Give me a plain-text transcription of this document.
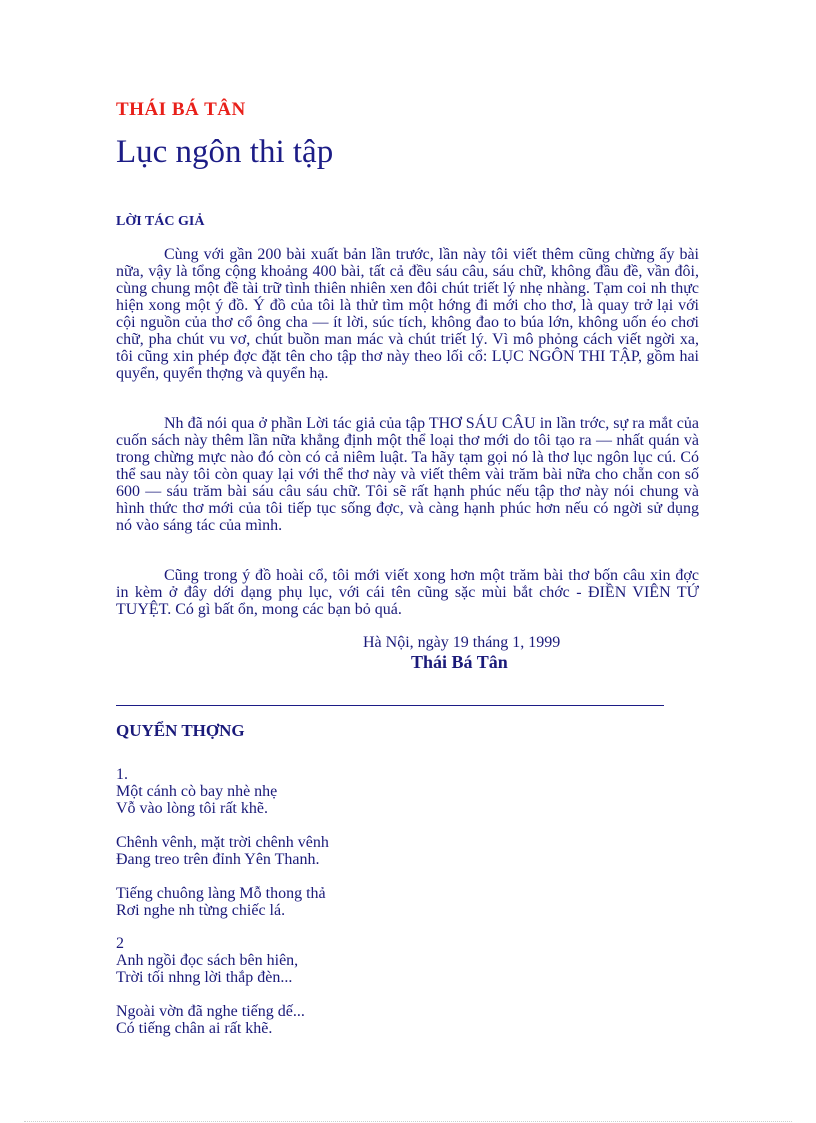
THÁI BÁ TÂN
Lục ngôn thi tập
LỜI TÁC GIẢ
Cùng với gần 200 bài xuất bản lần trước, lần này tôi viết thêm cũng chừng ấy bài nữa, vậy là tổng cộng khoảng 400 bài, tất cả đều sáu câu, sáu chữ, không đầu đề, vần đôi, cùng chung một đề tài trữ tình thiên nhiên xen đôi chút triết lý nhẹ nhàng. Tạm coi nh thực hiện xong một ý đồ. Ý đồ của tôi là thử tìm một hớng đi mới cho thơ, là quay trở lại với cội nguồn của thơ cổ ông cha — ít lời, súc tích, không đao to búa lớn, không uốn éo chơi chữ, pha chút vu vơ, chút buồn man mác và chút triết lý. Vì mô phỏng cách viết ngời xa, tôi cũng xin phép đợc đặt tên cho tập thơ này theo lối cổ: LỤC NGÔN THI TẬP, gồm hai quyển, quyển thợng và quyển hạ.
Nh đã nói qua ở phần Lời tác giả của tập THƠ SÁU CÂU in lần trớc, sự ra mắt của cuốn sách này thêm lần nữa khẳng định một thể loại thơ mới do tôi tạo ra — nhất quán và trong chừng mực nào đó còn có cả niêm luật. Ta hãy tạm gọi nó là thơ lục ngôn lục cú. Có thể sau này tôi còn quay lại với thể thơ này và viết thêm vài trăm bài nữa cho chẵn con số 600 — sáu trăm bài sáu câu sáu chữ. Tôi sẽ rất hạnh phúc nếu tập thơ này nói chung và hình thức thơ mới của tôi tiếp tục sống đợc, và càng hạnh phúc hơn nếu có ngời sử dụng nó vào sáng tác của mình.
Cũng trong ý đồ hoài cổ, tôi mới viết xong hơn một trăm bài thơ bốn câu xin đợc in kèm ở đây dới dạng phụ lục, với cái tên cũng sặc mùi bắt chớc - ĐIỀN VIÊN TỨ TUYỆT. Có gì bất ổn, mong các bạn bỏ quá.
Hà Nội, ngày 19 tháng 1, 1999
Thái Bá Tân
QUYỂN THỢNG
1.
Một cánh cò bay nhè nhẹ
Vỗ vào lòng tôi rất khẽ.
Chênh vênh, mặt trời chênh vênh
Đang treo trên đỉnh Yên Thanh.
Tiếng chuông làng Mỗ thong thả
Rơi nghe nh từng chiếc lá.
2
Anh ngồi đọc sách bên hiên,
Trời tối nhng lời thắp đèn...
Ngoài vờn đã nghe tiếng dế...
Có tiếng chân ai rất khẽ.
